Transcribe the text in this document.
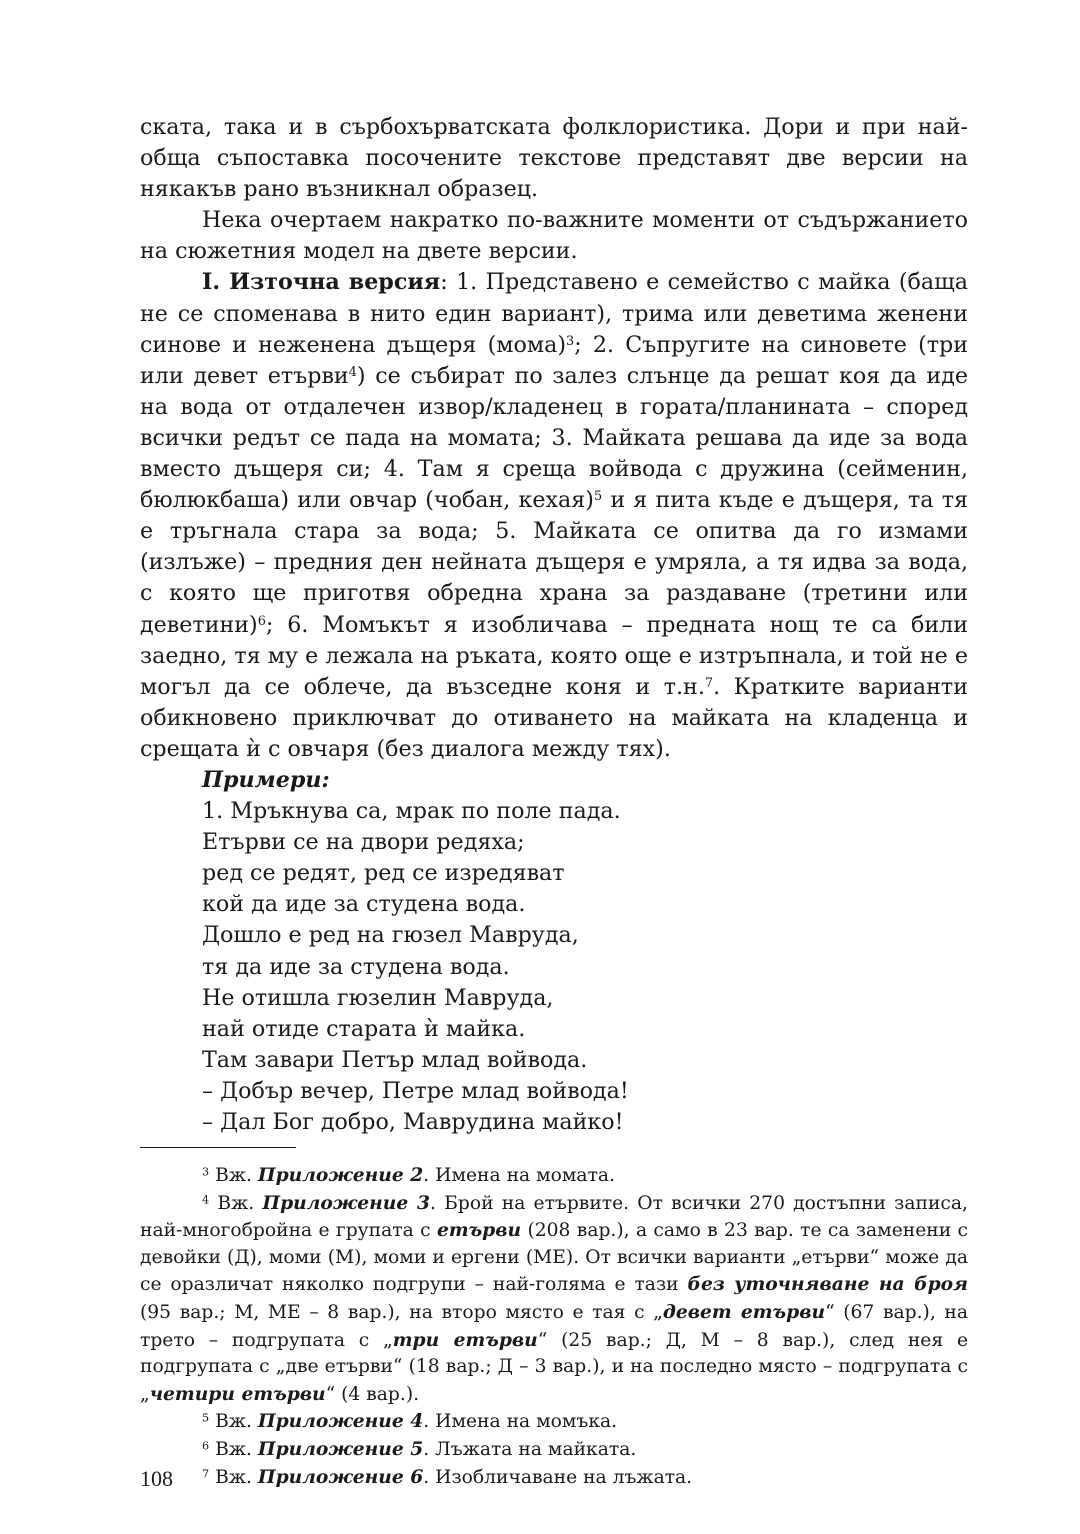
ската, така и в сърбохърватската фолклористика. Дори и при най-обща съпоставка посочените текстове представят две версии на някакъв рано възникнал образец.

Нека очертаем накратко по-важните моменти от съдържанието на сюжетния модел на двете версии.

I. Източна версия: 1. Представено е семейство с майка (баща не се споменава в нито един вариант), трима или деветима женени синове и неженена дъщеря (мома)$^3$; 2. Съпругите на синовете (три или девет етърви$^4$) се събират по залез слънце да решат коя да иде на вода от отдалечен извор/кладенец в гората/планината – според всички редът се пада на момата; 3. Майката решава да иде за вода вместо дъщеря си; 4. Там я среща войвода с дружина (сейменин, бюлюкбаша) или овчар (чобан, кехая)$^5$ и я пита къде е дъщеря, та тя е тръгнала стара за вода; 5. Майката се опитва да го измами (излъже) – предния ден нейната дъщеря е умряла, а тя идва за вода, с която ще приготвя обредна храна за раздаване (третини или деветини)$^6$; 6. Момъкът я изобличава – предната нощ те са били заедно, тя му е лежала на ръката, която още е изтръпнала, и той не е могъл да се облече, да възседне коня и т.н.$^7$. Кратките варианти обикновено приключват до отиването на майката на кладенца и срещата ѝ с овчаря (без диалога между тях).

Примери:

1. Мръкнува са, мрак по поле пада.
Етърви се на двори редяха;
ред се редят, ред се изредяват
кой да иде за студена вода.
Дошло е ред на гюзел Маврудa,
тя да иде за студена вода.
Не отишла гюзелин Маврудa,
най отиде старата ѝ майка.
Там завари Петър млад войвода.
– Добър вечер, Петре млад войвода!
– Дал Бог добро, Маврудина майко!

$^3$ Вж. Приложение 2. Имена на момата.

$^4$ Вж. Приложение 3. Брой на етървите. От всички 270 достъпни записа, най-многобройна е групата с етърви (208 вар.), а само в 23 вар. те са заменени с девойки (Д), моми (М), моми и ергени (МЕ). От всички варианти „етърви“ може да се оразличат няколко подгрупи – най-голяма е тази без уточняване на броя (95 вар.; М, МЕ – 8 вар.), на второ място е тая с „девет етърви“ (67 вар.), на трето – подгрупата с „три етърви“ (25 вар.; Д, М – 8 вар.), след нея е подгрупата с „две етърви“ (18 вар.; Д – 3 вар.), и на последно място – подгрупата с „четири етърви“ (4 вар.).

$^5$ Вж. Приложение 4. Имена на момъка.

$^6$ Вж. Приложение 5. Лъжата на майката.

$^7$ Вж. Приложение 6. Изобличаване на лъжата.

108
